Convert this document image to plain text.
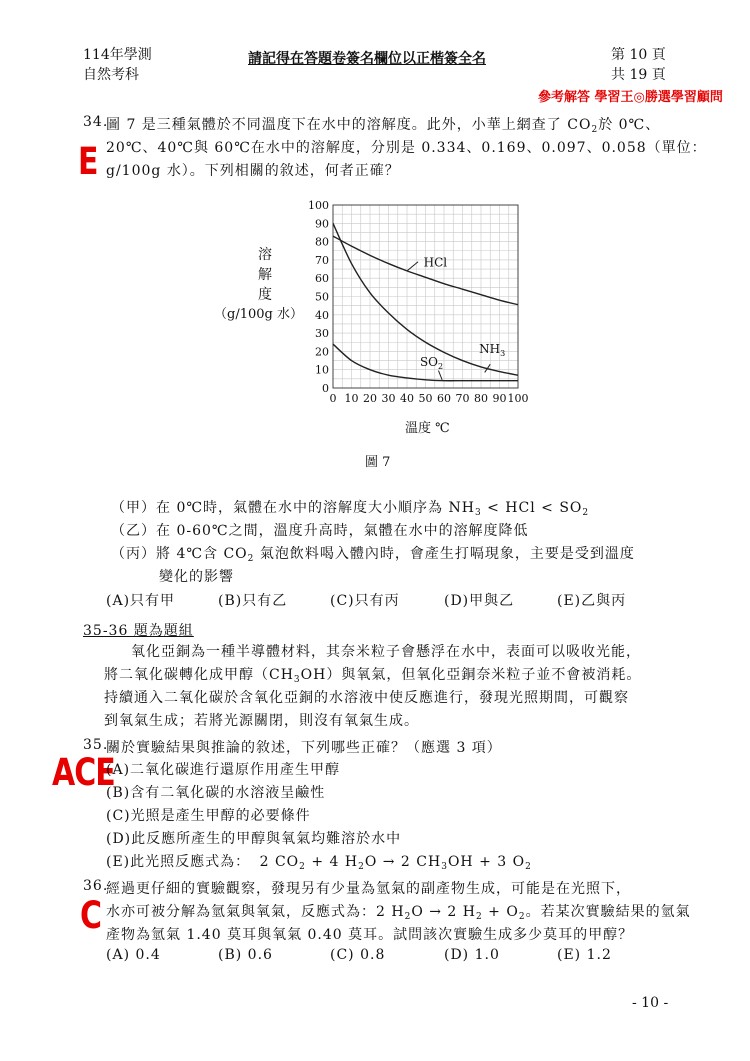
114年學測
自然考科
請記得在答題卷簽名欄位以正楷簽全名	第 10 頁
共 19 頁
參考解答 學習王◎勝選學習顧問
34.
圖 7 是三種氣體於不同溫度下在水中的溶解度。此外，小華上網查了 $CO_2$於 0℃、
20℃、40℃與 60℃在水中的溶解度，分別是 0.334、0.169、0.097、0.058（單位：
g/100g 水）。下列相關的敘述，何者正確？
E
溶
解
度
（g/100g 水）
0 10 20 30 40 50 60 70 80 90 100
0
10
20
30
40
50
60
70
80
90
100
HCl
$NH_3$
$SO_2$
溫度 ℃
圖 7
（甲）在 0℃時，氣體在水中的溶解度大小順序為 $NH_3$ < HCl < $SO_2$
（乙）在 0-60℃之間，溫度升高時，氣體在水中的溶解度降低
（丙）將 4℃含 $CO_2$ 氣泡飲料喝入體內時，會產生打嗝現象，主要是受到溫度
變化的影響
(A)只有甲	(B)只有乙	(C)只有丙	(D)甲與乙	(E)乙與丙
35-36 題為題組
氧化亞銅為一種半導體材料，其奈米粒子會懸浮在水中，表面可以吸收光能，
將二氧化碳轉化成甲醇$(CH_3OH)$與氧氣，但氧化亞銅奈米粒子並不會被消耗。
持續通入二氧化碳於含氧化亞銅的水溶液中使反應進行，發現光照期間，可觀察
到氧氣生成；若將光源關閉，則沒有氧氣生成。
35.
關於實驗結果與推論的敘述，下列哪些正確？（應選 3 項）
ACE
(A)二氧化碳進行還原作用產生甲醇
(B)含有二氧化碳的水溶液呈鹼性
(C)光照是產生甲醇的必要條件
(D)此反應所產生的甲醇與氧氣均難溶於水中
(E)此光照反應式為： 2 $CO_2 + 4$ $H_2O \to 2$ $CH_3OH + 3$ $O_2$
36.
經過更仔細的實驗觀察，發現另有少量為氫氣的副產物生成，可能是在光照下，
水亦可被分解為氫氣與氧氣，反應式為：2 $H_2O \to 2$ $H_2 + O_2$。若某次實驗結果的氫氣
產物為氫氣 1.40 莫耳與氧氣 0.40 莫耳。試問該次實驗生成多少莫耳的甲醇？
C
(A) 0.4	(B) 0.6	(C) 0.8	(D) 1.0	(E) 1.2
- 10 -
